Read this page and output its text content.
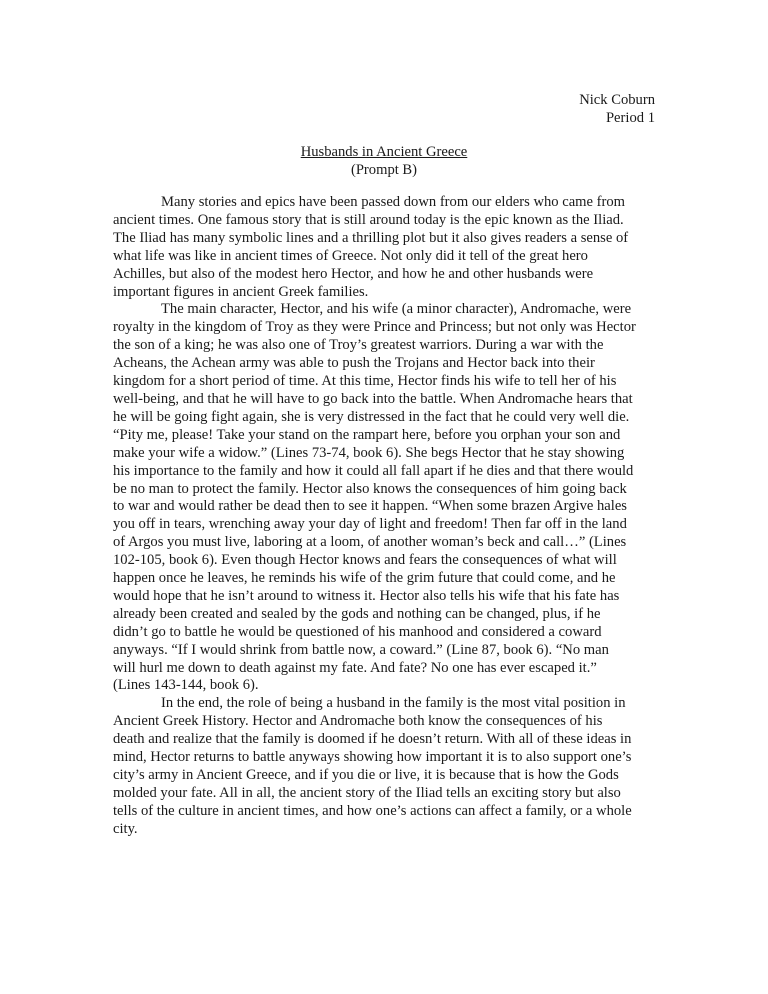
Nick Coburn
Period 1
Husbands in Ancient Greece
(Prompt B)

Many stories and epics have been passed down from our elders who came from
ancient times. One famous story that is still around today is the epic known as the Iliad.
The Iliad has many symbolic lines and a thrilling plot but it also gives readers a sense of
what life was like in ancient times of Greece. Not only did it tell of the great hero
Achilles, but also of the modest hero Hector, and how he and other husbands were
important figures in ancient Greek families.

The main character, Hector, and his wife (a minor character), Andromache, were
royalty in the kingdom of Troy as they were Prince and Princess; but not only was Hector
the son of a king; he was also one of Troy’s greatest warriors. During a war with the
Acheans, the Achean army was able to push the Trojans and Hector back into their
kingdom for a short period of time. At this time, Hector finds his wife to tell her of his
well-being, and that he will have to go back into the battle. When Andromache hears that
he will be going fight again, she is very distressed in the fact that he could very well die.
“Pity me, please! Take your stand on the rampart here, before you orphan your son and
make your wife a widow.” (Lines 73-74, book 6). She begs Hector that he stay showing
his importance to the family and how it could all fall apart if he dies and that there would
be no man to protect the family. Hector also knows the consequences of him going back
to war and would rather be dead then to see it happen. “When some brazen Argive hales
you off in tears, wrenching away your day of light and freedom! Then far off in the land
of Argos you must live, laboring at a loom, of another woman’s beck and call…” (Lines
102-105, book 6). Even though Hector knows and fears the consequences of what will
happen once he leaves, he reminds his wife of the grim future that could come, and he
would hope that he isn’t around to witness it. Hector also tells his wife that his fate has
already been created and sealed by the gods and nothing can be changed, plus, if he
didn’t go to battle he would be questioned of his manhood and considered a coward
anyways. “If I would shrink from battle now, a coward.” (Line 87, book 6). “No man
will hurl me down to death against my fate. And fate? No one has ever escaped it.”
(Lines 143-144, book 6).

In the end, the role of being a husband in the family is the most vital position in
Ancient Greek History. Hector and Andromache both know the consequences of his
death and realize that the family is doomed if he doesn’t return. With all of these ideas in
mind, Hector returns to battle anyways showing how important it is to also support one’s
city’s army in Ancient Greece, and if you die or live, it is because that is how the Gods
molded your fate. All in all, the ancient story of the Iliad tells an exciting story but also
tells of the culture in ancient times, and how one’s actions can affect a family, or a whole
city.
